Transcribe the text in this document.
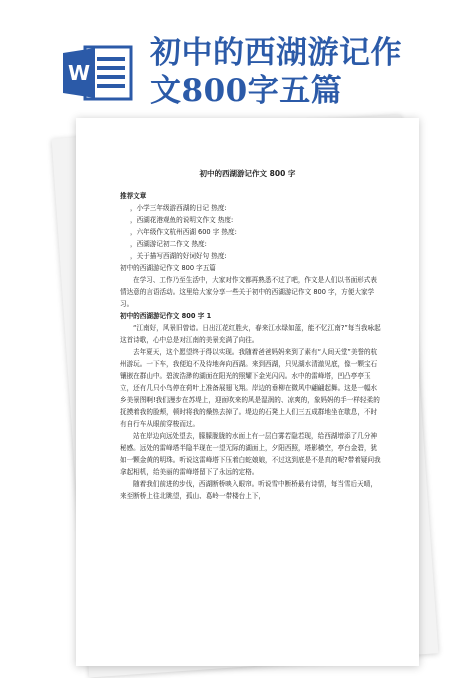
W
初中的西湖游记作
文800字五篇
初中的西湖游记作文 800 字

推荐文章

，小学三年级游西湖的日记 热度:

，西湖花港观鱼的说明文作文 热度:

，六年级作文杭州西湖 600 字 热度:

，西湖游记初二作文 热度:

，关于描写西湖的好词好句 热度:

初中的西湖游记作文 800 字五篇

在学习、工作乃至生活中，大家对作文都再熟悉不过了吧，作文是人们以书面形式表情达意的言语活动。这里给大家分享一些关于初中的西湖游记作文 800 字，方便大家学习。

初中的西湖游记作文 800 字 1

“江南好，风景旧曾谙。日出江花红胜火，春来江水绿如蓝，能不忆江南?”每当我咏起这首诗歌，心中总是对江南的美景充满了向往。

去年夏天，这个愿望终于得以实现。我随着爸爸妈妈来到了素有“人间天堂”美誉的杭州游玩。一下车，我便迫不及待地奔向西湖。来到西湖，只见湖水清澈见底，像一颗宝石镶嵌在群山中。碧波浩渺的湖面在阳光的照耀下金光闪闪。水中的雷峰塔，凹凸亭亭玉立，还有几只小鸟停在荷叶上准备展翅飞翔。岸边的垂柳在微风中翩翩起舞。这是一幅水乡美景图啊!我们漫步在苏堤上，迎面吹来的风是湿润的、凉爽的，象妈妈的手一样轻柔的抚摸着我的脸颊，顿时将我的燥热去掉了。堤边的石凳上人们三五成群地坐在歇息，不时有自行车从眼前穿梭而过。

站在岸边向远处望去，朦朦胧胧的水面上有一层白雾若隐若现，给西湖增添了几分神秘感。远处的雷峰塔半隐半现在一望无际的湖面上，夕阳西照，塔影横空，亭台金碧，犹如一颗金黄的明珠。听说这雷峰塔下压着白蛇娘娘，不过这到底是不是真的呢?带着疑问我拿起相机，给美丽的雷峰塔留下了永远的定格。

随着我们前进的步伐，西湖断桥映入眼帘。听说雪中断桥最有诗情，每当雪后天晴，来至断桥上往北眺望，孤山、葛岭一带楼台上下，
